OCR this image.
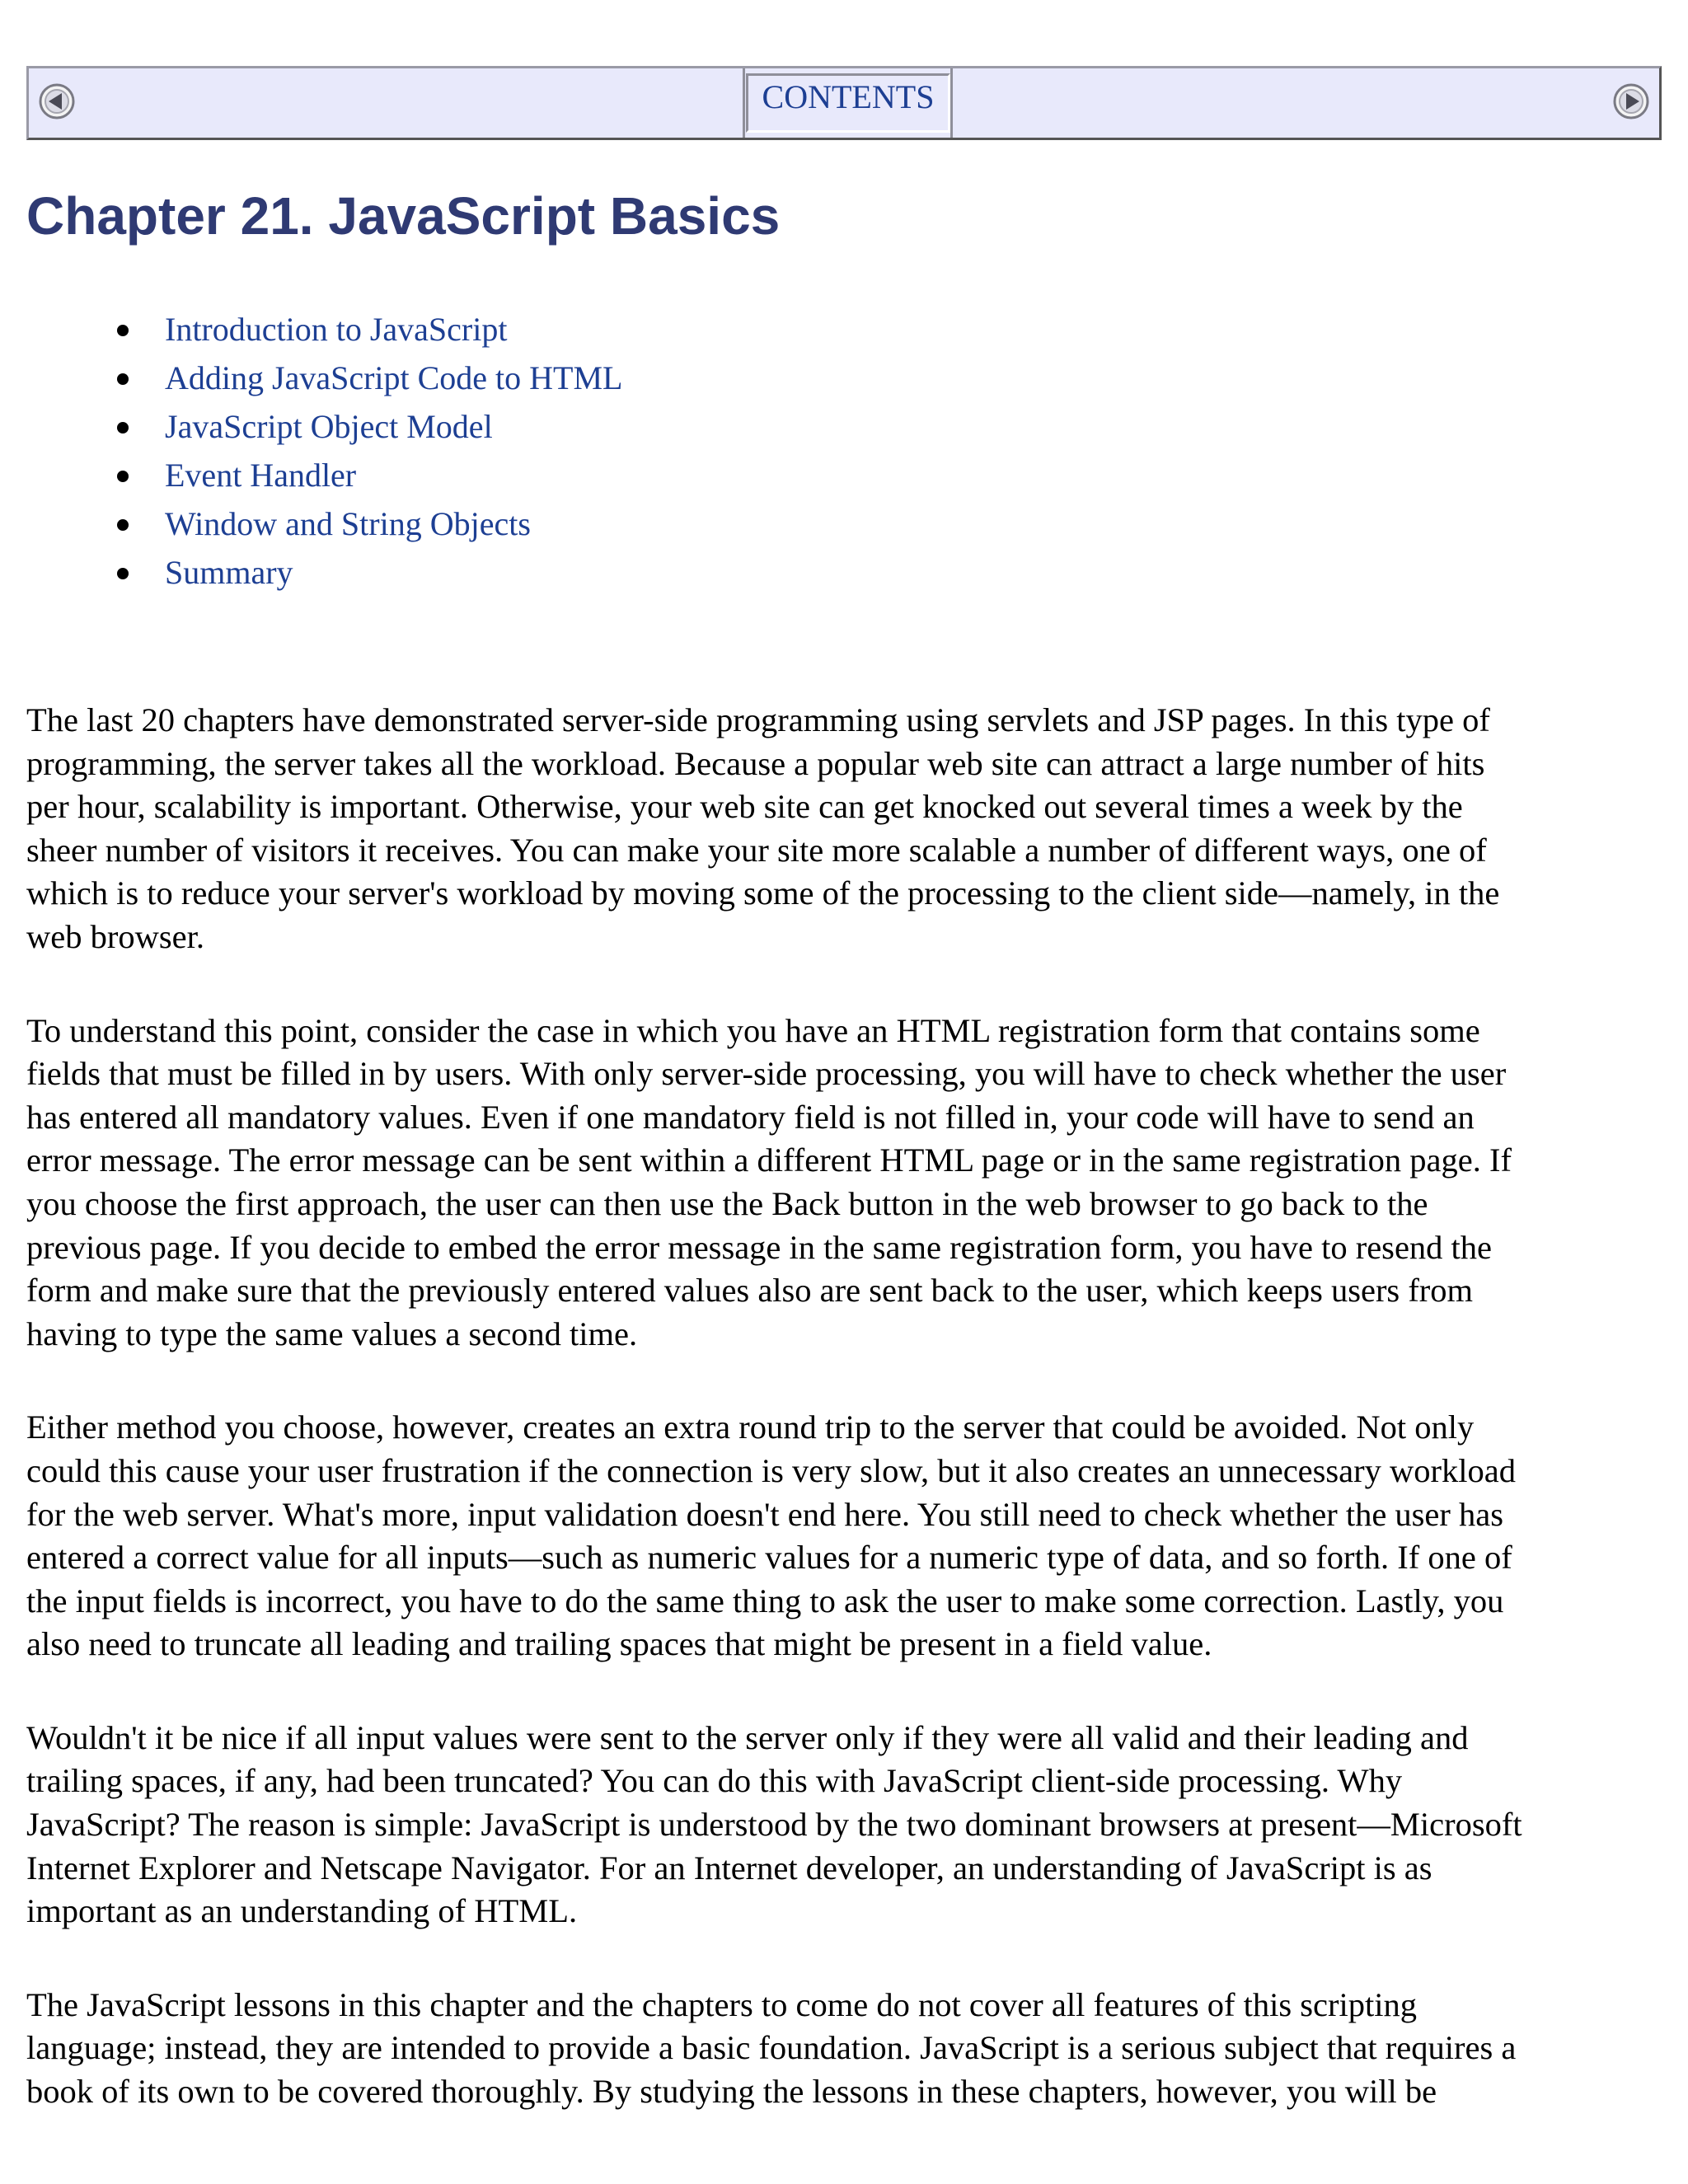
CONTENTS
Chapter 21. JavaScript Basics
Introduction to JavaScript
Adding JavaScript Code to HTML
JavaScript Object Model
Event Handler
Window and String Objects
Summary

The last 20 chapters have demonstrated server-side programming using servlets and JSP pages. In this type of
programming, the server takes all the workload. Because a popular web site can attract a large number of hits
per hour, scalability is important. Otherwise, your web site can get knocked out several times a week by the
sheer number of visitors it receives. You can make your site more scalable a number of different ways, one of
which is to reduce your server's workload by moving some of the processing to the client side—namely, in the
web browser.

To understand this point, consider the case in which you have an HTML registration form that contains some
fields that must be filled in by users. With only server-side processing, you will have to check whether the user
has entered all mandatory values. Even if one mandatory field is not filled in, your code will have to send an
error message. The error message can be sent within a different HTML page or in the same registration page. If
you choose the first approach, the user can then use the Back button in the web browser to go back to the
previous page. If you decide to embed the error message in the same registration form, you have to resend the
form and make sure that the previously entered values also are sent back to the user, which keeps users from
having to type the same values a second time.

Either method you choose, however, creates an extra round trip to the server that could be avoided. Not only
could this cause your user frustration if the connection is very slow, but it also creates an unnecessary workload
for the web server. What's more, input validation doesn't end here. You still need to check whether the user has
entered a correct value for all inputs—such as numeric values for a numeric type of data, and so forth. If one of
the input fields is incorrect, you have to do the same thing to ask the user to make some correction. Lastly, you
also need to truncate all leading and trailing spaces that might be present in a field value.

Wouldn't it be nice if all input values were sent to the server only if they were all valid and their leading and
trailing spaces, if any, had been truncated? You can do this with JavaScript client-side processing. Why
JavaScript? The reason is simple: JavaScript is understood by the two dominant browsers at present—Microsoft
Internet Explorer and Netscape Navigator. For an Internet developer, an understanding of JavaScript is as
important as an understanding of HTML.

The JavaScript lessons in this chapter and the chapters to come do not cover all features of this scripting
language; instead, they are intended to provide a basic foundation. JavaScript is a serious subject that requires a
book of its own to be covered thoroughly. By studying the lessons in these chapters, however, you will be
